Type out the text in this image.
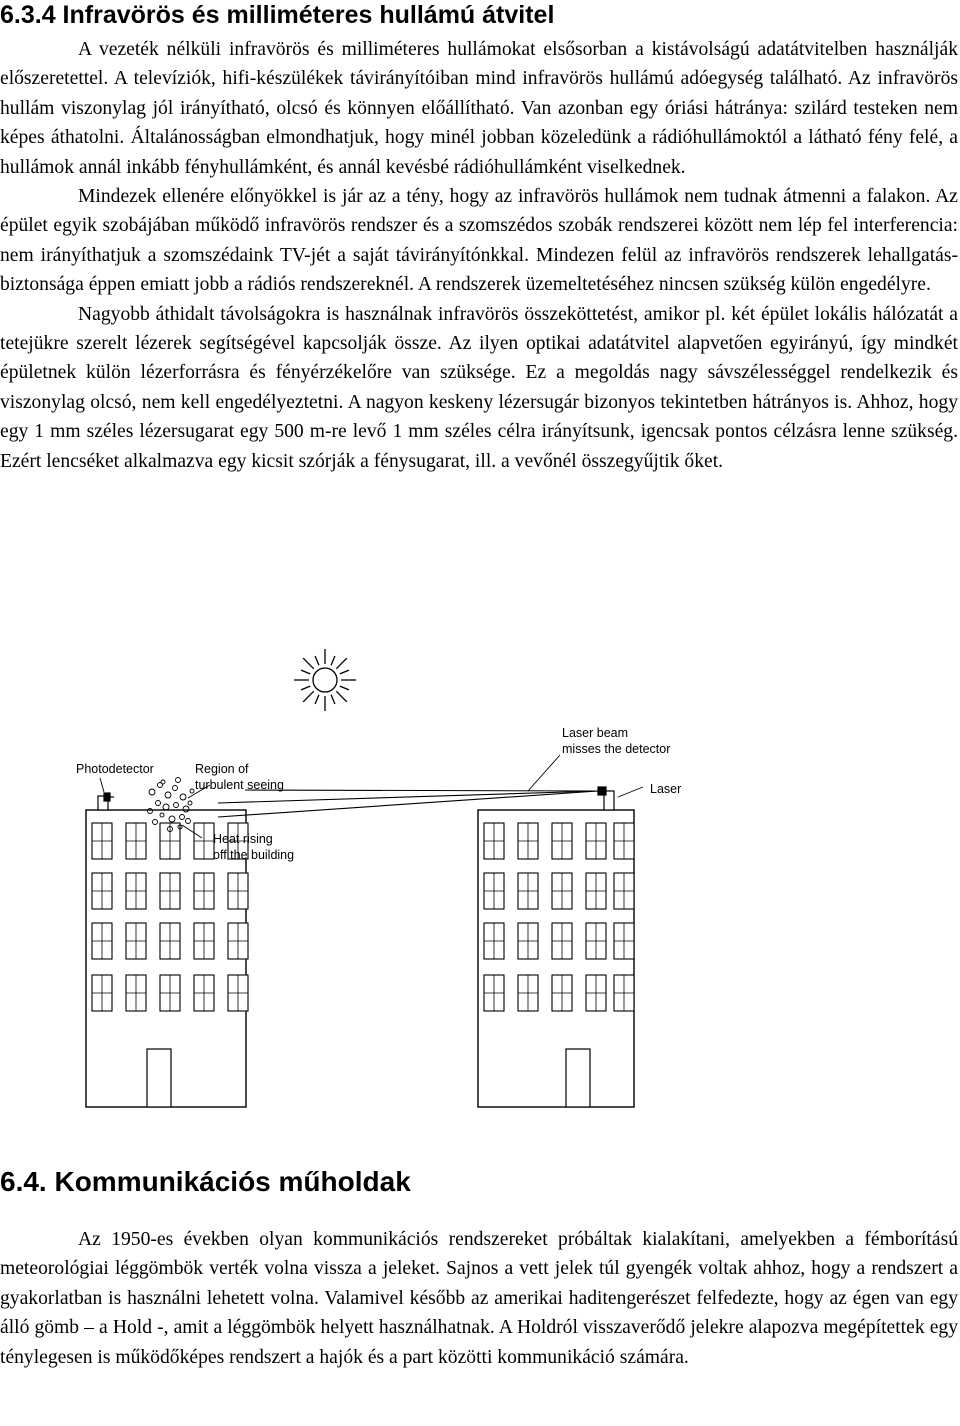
6.3.4 Infravörös és milliméteres hullámú átvitel

A vezeték nélküli infravörös és milliméteres hullámokat elsősorban a kistávolságú adatátvitelben használják előszeretettel. A televíziók, hifi-készülékek távirányítóiban mind infravörös hullámú adóegység található. Az infravörös hullám viszonylag jól irányítható, olcsó és könnyen előállítható. Van azonban egy óriási hátránya: szilárd testeken nem képes áthatolni. Általánosságban elmondhatjuk, hogy minél jobban közeledünk a rádióhullámoktól a látható fény felé, a hullámok annál inkább fényhullámként, és annál kevésbé rádióhullámként viselkednek.

Mindezek ellenére előnyökkel is jár az a tény, hogy az infravörös hullámok nem tudnak átmenni a falakon. Az épület egyik szobájában működő infravörös rendszer és a szomszédos szobák rendszerei között nem lép fel interferencia: nem irányíthatjuk a szomszédaink TV-jét a saját távirányítónkkal. Mindezen felül az infravörös rendszerek lehallgatás-biztonsága éppen emiatt jobb a rádiós rendszereknél. A rendszerek üzemeltetéséhez nincsen szükség külön engedélyre.

Nagyobb áthidalt távolságokra is használnak infravörös összeköttetést, amikor pl. két épület lokális hálózatát a tetejükre szerelt lézerek segítségével kapcsolják össze. Az ilyen optikai adatátvitel alapvetően egyirányú, így mindkét épületnek külön lézerforrásra és fényérzékelőre van szüksége. Ez a megoldás nagy sávszélességgel rendelkezik és viszonylag olcsó, nem kell engedélyeztetni. A nagyon keskeny lézersugár bizonyos tekintetben hátrányos is. Ahhoz, hogy egy 1 mm széles lézersugarat egy 500 m-re levő 1 mm széles célra irányítsunk, igencsak pontos célzásra lenne szükség. Ezért lencséket alkalmazva egy kicsit szórják a fénysugarat, ill. a vevőnél összegyűjtik őket.

Photodetector	Region of
turbulent seeing
Heat rising
off the building
Laser beam
misses the detector
Laser
6.4. Kommunikációs műholdak

Az 1950-es években olyan kommunikációs rendszereket próbáltak kialakítani, amelyekben a fémborítású meteorológiai léggömbök verték volna vissza a jeleket. Sajnos a vett jelek túl gyengék voltak ahhoz, hogy a rendszert a gyakorlatban is használni lehetett volna. Valamivel később az amerikai haditengerészet felfedezte, hogy az égen van egy álló gömb – a Hold -, amit a léggömbök helyett használhatnak. A Holdról visszaverődő jelekre alapozva megépítettek egy ténylegesen is működőképes rendszert a hajók és a part közötti kommunikáció számára.
